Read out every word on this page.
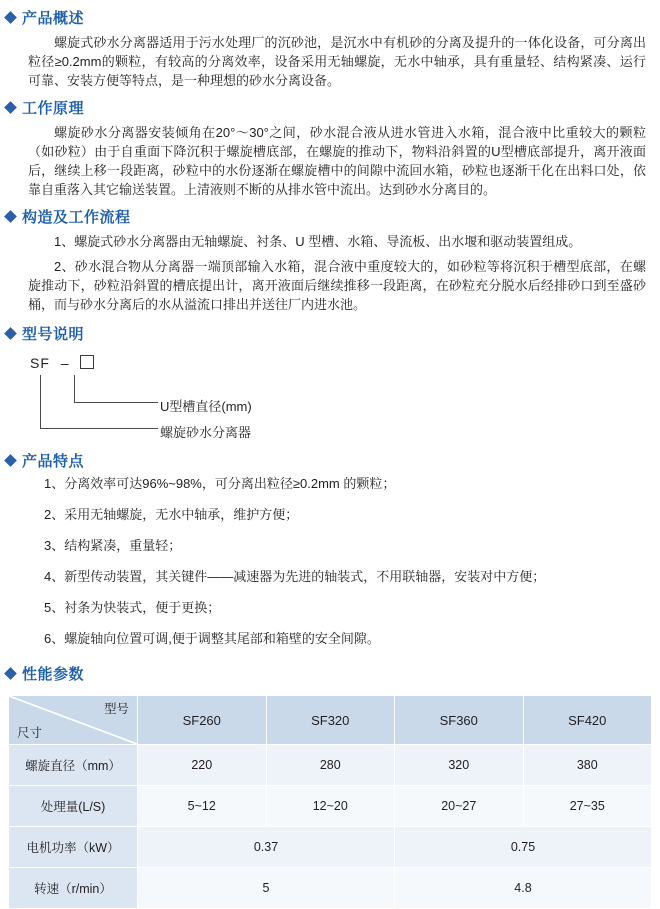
产品概述

螺旋式砂水分离器适用于污水处理厂的沉砂池，是沉水中有机砂的分离及提升的一体化设备，可分离出粒径≥0.2mm的颗粒，有较高的分离效率，设备采用无轴螺旋，无水中轴承，具有重量轻、结构紧凑、运行可靠、安装方便等特点，是一种理想的砂水分离设备。

工作原理

螺旋砂水分离器安装倾角在20°～30°之间，砂水混合液从进水管进入水箱，混合液中比重较大的颗粒（如砂粒）由于自重面下降沉积于螺旋槽底部，在螺旋的推动下，物料沿斜置的U型槽底部提升，离开液面后，继续上移一段距离，砂粒中的水份逐渐在螺旋槽中的间隙中流回水箱，砂粒也逐渐干化在出料口处，依靠自重落入其它输送装置。上清液则不断的从排水管中流出。达到砂水分离目的。

构造及工作流程

1、螺旋式砂水分离器由无轴螺旋、衬条、U 型槽、水箱、导流板、出水堰和驱动装置组成。

2、砂水混合物从分离器一端顶部输入水箱，混合液中重度较大的，如砂粒等将沉积于槽型底部，在螺旋推动下，砂粒沿斜置的槽底提出计，离开液面后继续推移一段距离，在砂粒充分脱水后经排砂口到至盛砂桶，而与砂水分离后的水从溢流口排出并送往厂内进水池。

型号说明
SF –
U型槽直径(mm)
螺旋砂水分离器
产品特点
1、分离效率可达96%~98%，可分离出粒径≥0.2mm 的颗粒；
2、采用无轴螺旋，无水中轴承，维护方便；
3、结构紧凑，重量轻；
4、新型传动装置，其关键件——减速器为先进的轴装式，不用联轴器，安装对中方便；
5、衬条为快装式，便于更换；
6、螺旋轴向位置可调,便于调整其尾部和箱壁的安全间隙。
性能参数
型号
尺寸	SF260	SF320	SF360	SF420
螺旋直径（mm）	220	280	320	380
处理量(L/S)	5~12	12~20	20~27	27~35
电机功率（kW）	0.37		0.75	
转速（r/min）	5		4.8	
